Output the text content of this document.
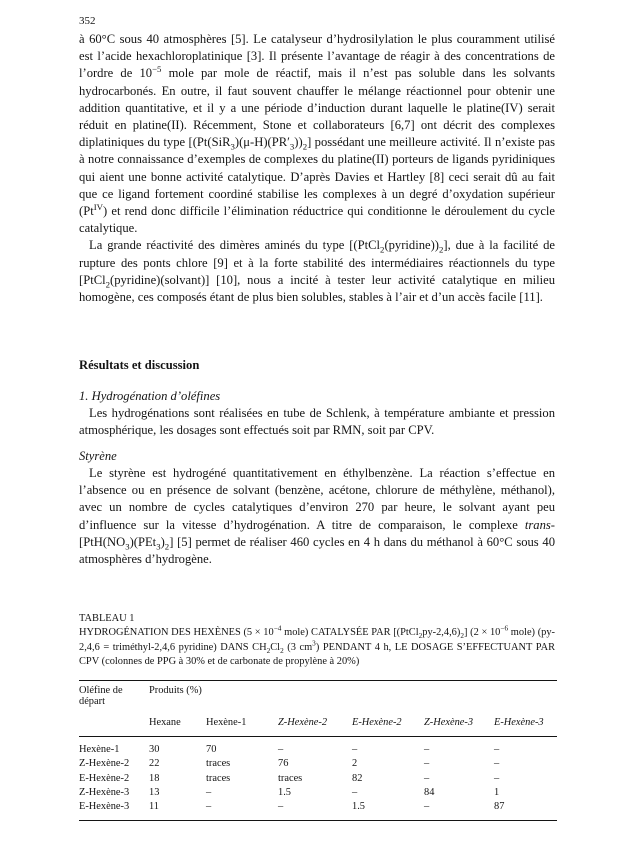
352

à 60°C sous 40 atmosphères [5]. Le catalyseur d’hydrosilylation le plus couramment utilisé est l’acide hexachloroplatinique [3]. Il présente l’avantage de réagir à des concentrations de l’ordre de $10^{-5}$ mole par mole de réactif, mais il n’est pas soluble dans les solvants hydrocarbonés. En outre, il faut souvent chauffer le mélange réactionnel pour obtenir une addition quantitative, et il y a une période d’induction durant laquelle le platine(IV) serait réduit en platine(II). Récemment, Stone et collaborateurs [6,7] ont décrit des complexes diplatiniques du type $[(Pt(SiR_3)(\mu-H)(PR'_3))_2]$ possédant une meilleure activité. Il n’existe pas à notre connaissance d’exemples de complexes du platine(II) porteurs de ligands pyridiniques qui aient une bonne activité catalytique. D’après Davies et Hartley [8] ceci serait dû au fait que ce ligand fortement coordiné stabilise les complexes à un degré d’oxydation supérieur $(Pt^{IV})$ et rend donc difficile l’élimination réductrice qui conditionne le déroulement du cycle catalytique.

La grande réactivité des dimères aminés du type $[(PtCl_2(pyridine))_2]$, due à la facilité de rupture des ponts chlore [9] et à la forte stabilité des intermédiaires réactionnels du type [PtCl$_2$(pyridine)(solvant)] [10], nous a incité à tester leur activité catalytique en milieu homogène, ces composés étant de plus bien solubles, stables à l’air et d’un accès facile [11].

Résultats et discussion
1. Hydrogénation d’oléfines
Les hydrogénations sont réalisées en tube de Schlenk, à température ambiante et pression atmosphérique, les dosages sont effectués soit par RMN, soit par CPV.
Styrène

Le styrène est hydrogéné quantitativement en éthylbenzène. La réaction s’effectue en l’absence ou en présence de solvant (benzène, acétone, chlorure de méthylène, méthanol), avec un nombre de cycles catalytiques d’environ 270 par heure, le solvant ayant peu d’influence sur la vitesse d’hydrogénation. A titre de comparaison, le complexe trans-$[PtH(NO_3)(PEt_3)_2]$ [5] permet de réaliser 460 cycles en 4 h dans du méthanol à 60°C sous 40 atmosphères d’hydrogène.

TABLEAU 1
HYDROGÉNATION DES HEXÈNES ($5 \times 10^{-4}$ mole) CATALYSÉE PAR $[(PtCl_2py-2,4,6)_2] (2 \times 10^{-6}$ mole) (py-2,4,6 = triméthyl-2,4,6 pyridine) DANS $CH_2Cl_2$ (3 $cm^3$) PENDANT 4 h, LE DOSAGE S’EFFECTUANT PAR CPV (colonnes de PPG à 30% et de carbonate de propylène à 20%)
Oléfine de départ	Produits (%)					

	Hexane	Hexène-1	Z-Hexène-2	E-Hexène-2	Z-Hexène-3	E-Hexène-3

Hexène-1	30	70	–	–	–	–
Z-Hexène-2	22	traces	76	2	–	–
E-Hexène-2	18	traces	traces	82	–	–
Z-Hexène-3	13	–	1.5	–	84	1
E-Hexène-3	11	–	–	1.5	–	87
